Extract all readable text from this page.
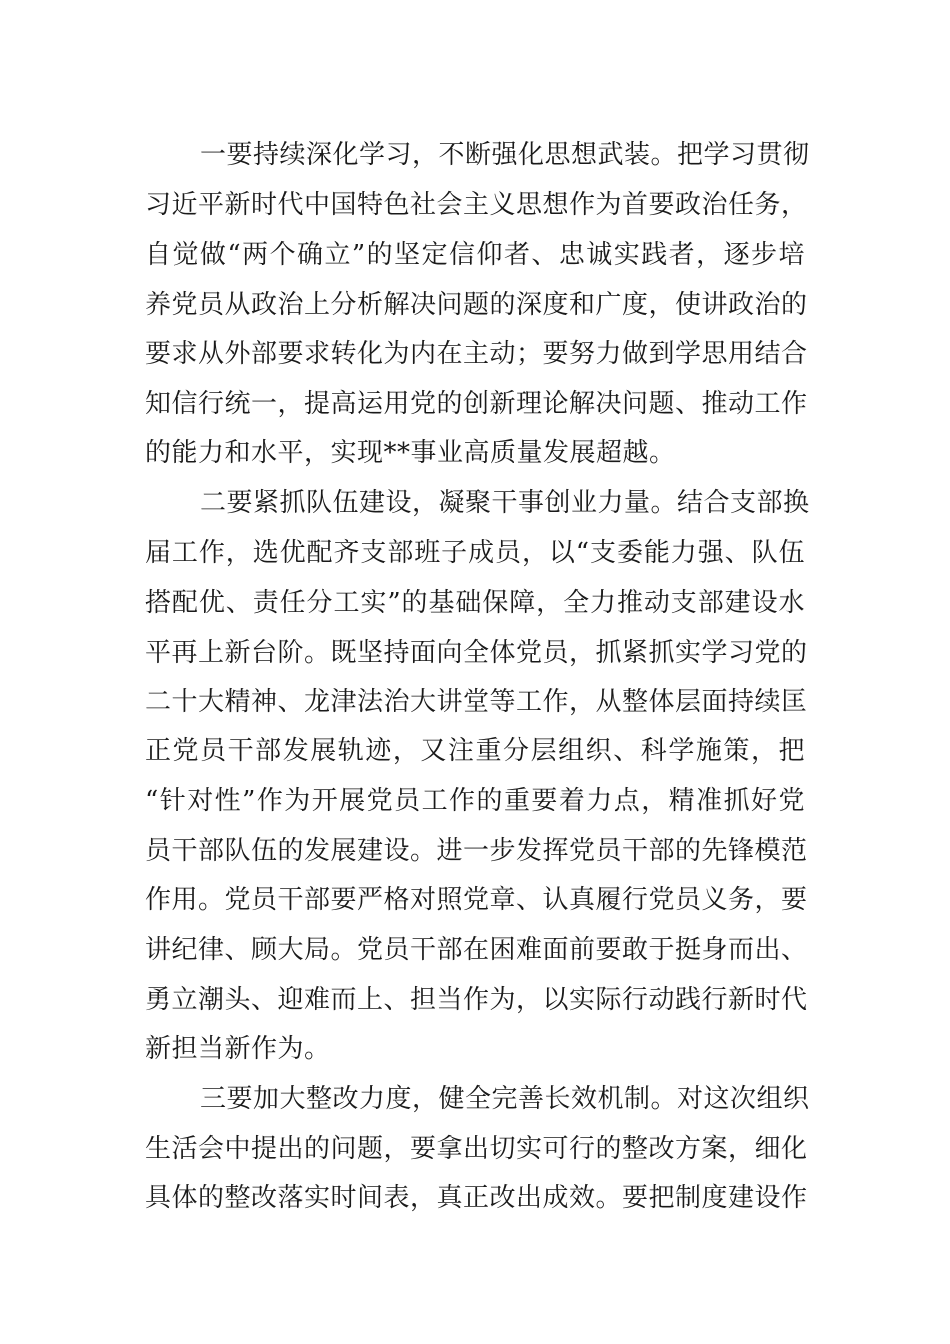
一要持续深化学习，不断强化思想武装。把学习贯彻
习近平新时代中国特色社会主义思想作为首要政治任务，
自觉做“两个确立”的坚定信仰者、忠诚实践者，逐步培
养党员从政治上分析解决问题的深度和广度，使讲政治的
要求从外部要求转化为内在主动；要努力做到学思用结合
知信行统一，提高运用党的创新理论解决问题、推动工作
的能力和水平，实现**事业高质量发展超越。
二要紧抓队伍建设，凝聚干事创业力量。结合支部换
届工作，选优配齐支部班子成员，以“支委能力强、队伍
搭配优、责任分工实”的基础保障，全力推动支部建设水
平再上新台阶。既坚持面向全体党员，抓紧抓实学习党的
二十大精神、龙津法治大讲堂等工作，从整体层面持续匡
正党员干部发展轨迹，又注重分层组织、科学施策，把
“针对性”作为开展党员工作的重要着力点，精准抓好党
员干部队伍的发展建设。进一步发挥党员干部的先锋模范
作用。党员干部要严格对照党章、认真履行党员义务，要
讲纪律、顾大局。党员干部在困难面前要敢于挺身而出、
勇立潮头、迎难而上、担当作为，以实际行动践行新时代
新担当新作为。
三要加大整改力度，健全完善长效机制。对这次组织
生活会中提出的问题，要拿出切实可行的整改方案，细化
具体的整改落实时间表，真正改出成效。要把制度建设作
